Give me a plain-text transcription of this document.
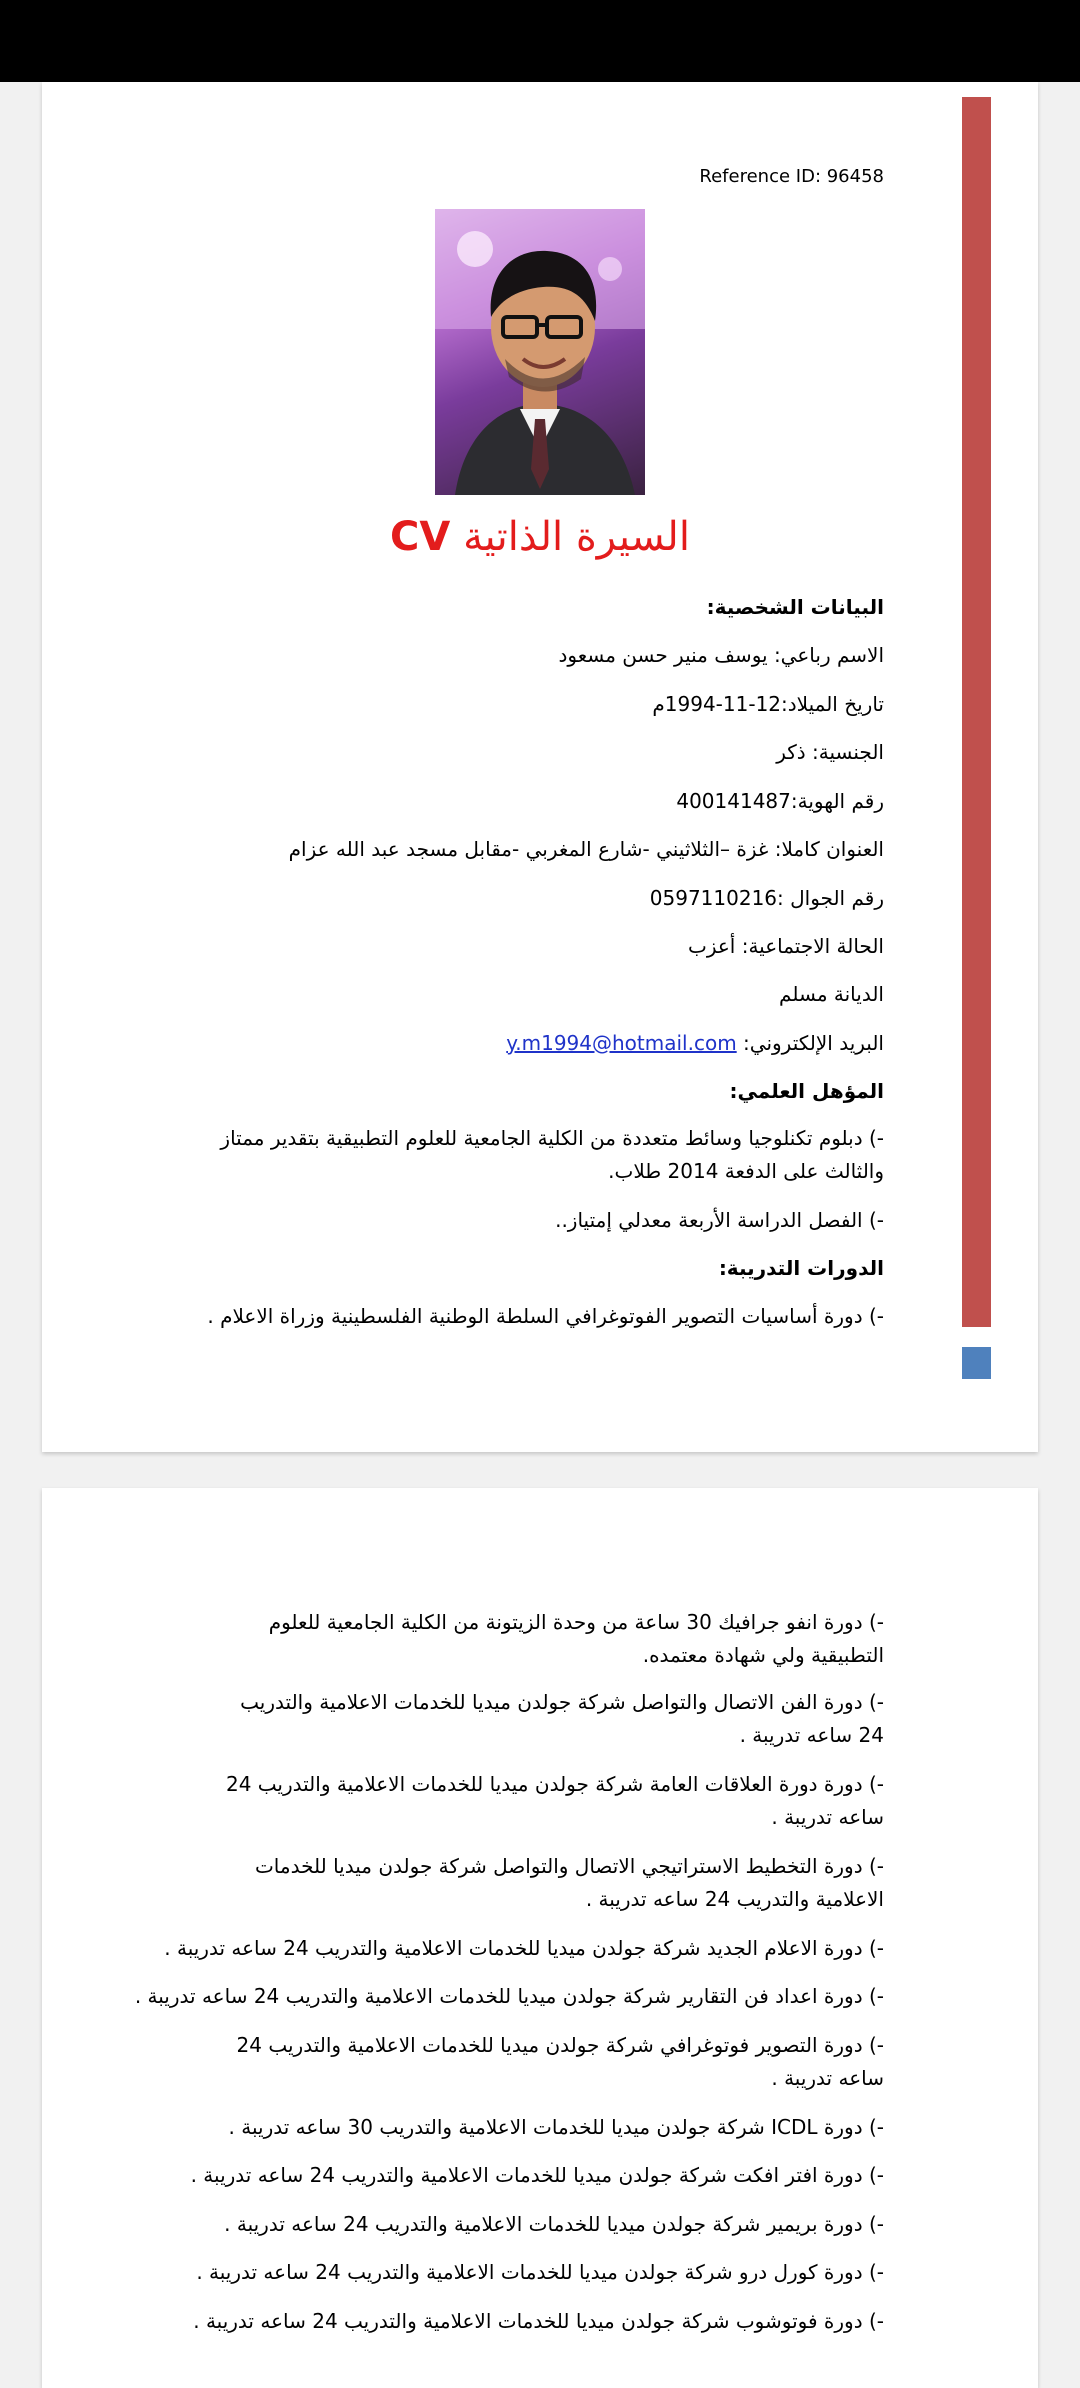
Reference ID: 96458
السيرة الذاتية CV
البيانات الشخصية:
الاسم رباعي: يوسف منير حسن مسعود
تاريخ الميلاد:12-11-1994م
الجنسية: ذكر
رقم الهوية:400141487
العنوان كاملا: غزة –الثلاثيني -شارع المغربي -مقابل مسجد عبد الله عزام
رقم الجوال :0597110216
الحالة الاجتماعية: أعزب
الديانة مسلم
البريد الإلكتروني: y.m1994@hotmail.com
المؤهل العلمي:
-) دبلوم تكنلوجيا وسائط متعددة من الكلية الجامعية للعلوم التطبيقية بتقدير ممتاز والثالث على الدفعة 2014 طلاب.
-) الفصل الدراسة الأربعة معدلي إمتياز..
الدورات التدريبة:
-) دورة أساسيات التصوير الفوتوغرافي السلطة الوطنية الفلسطينية وزراة الاعلام .
-) دورة انفو جرافيك 30 ساعة من وحدة الزيتونة من الكلية الجامعية للعلوم التطبيقية ولي شهادة معتمده.
-) دورة الفن الاتصال والتواصل شركة جولدن ميديا للخدمات الاعلامية والتدريب 24 ساعه تدريبة .
-) دورة دورة العلاقات العامة شركة جولدن ميديا للخدمات الاعلامية والتدريب 24 ساعه تدريبة .
-) دورة التخطيط الاستراتيجي الاتصال والتواصل شركة جولدن ميديا للخدمات الاعلامية والتدريب 24 ساعه تدريبة .
-) دورة الاعلام الجديد شركة جولدن ميديا للخدمات الاعلامية والتدريب 24 ساعه تدريبة .
-) دورة اعداد فن التقارير شركة جولدن ميديا للخدمات الاعلامية والتدريب 24 ساعه تدريبة .
-) دورة التصوير فوتوغرافي شركة جولدن ميديا للخدمات الاعلامية والتدريب 24 ساعه تدريبة .
-) دورة ICDL شركة جولدن ميديا للخدمات الاعلامية والتدريب 30 ساعه تدريبة .
-) دورة افتر افكت شركة جولدن ميديا للخدمات الاعلامية والتدريب 24 ساعه تدريبة .
-) دورة بريمير شركة جولدن ميديا للخدمات الاعلامية والتدريب 24 ساعه تدريبة .
-) دورة كورل درو شركة جولدن ميديا للخدمات الاعلامية والتدريب 24 ساعه تدريبة .
-) دورة فوتوشوب شركة جولدن ميديا للخدمات الاعلامية والتدريب 24 ساعه تدريبة .
